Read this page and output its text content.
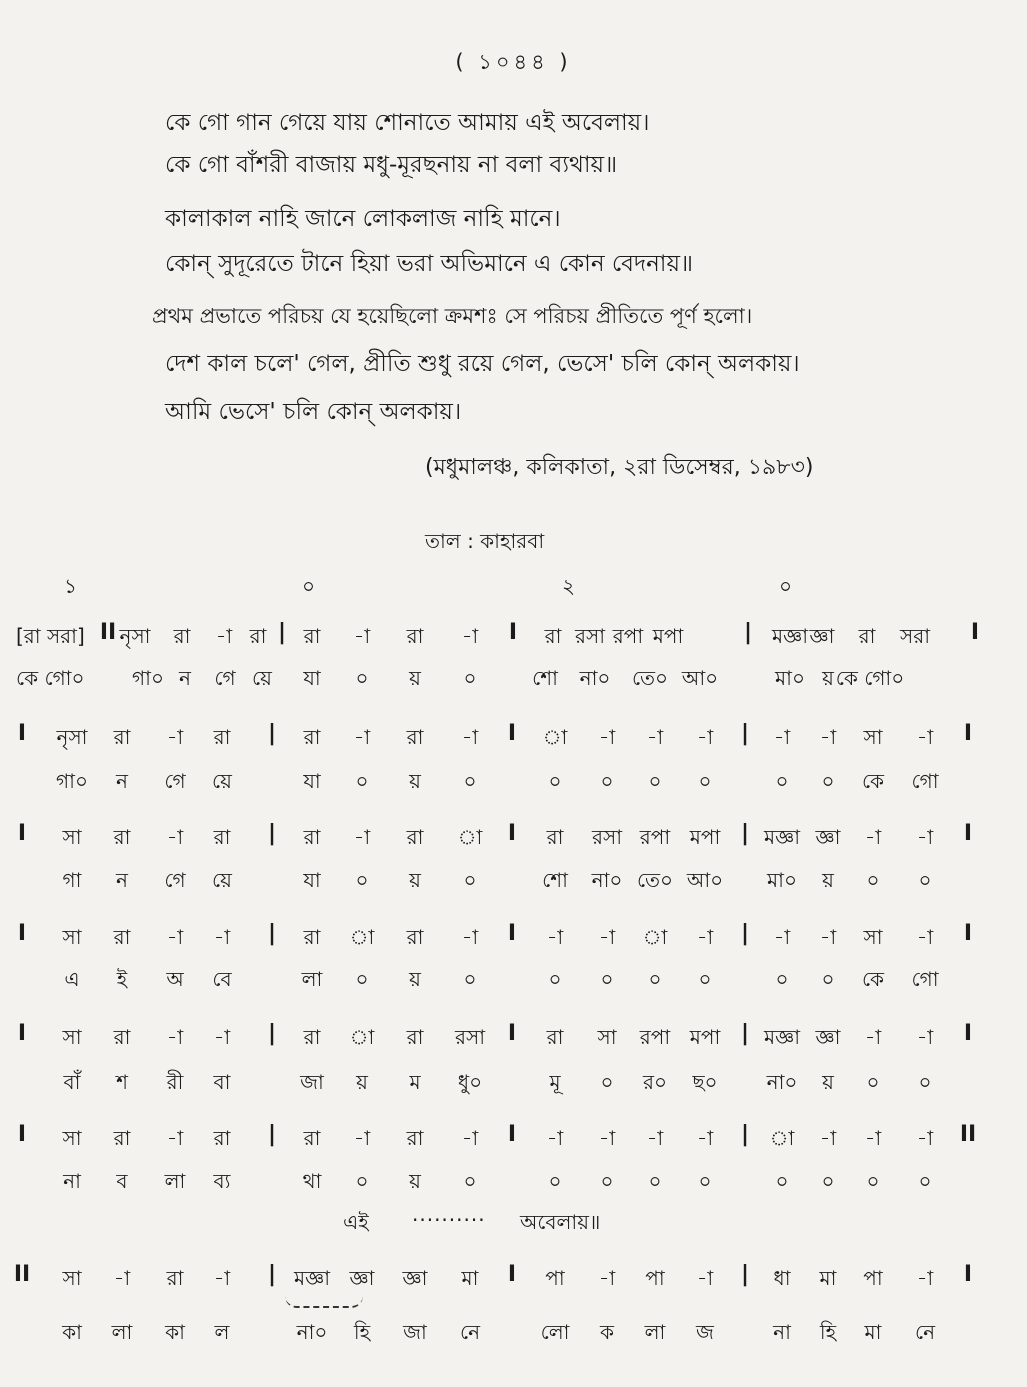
( ১০৪৪ )
কে গো গান গেয়ে যায় শোনাতে আমায় এই অবেলায়।
কে গো বাঁশরী বাজায় মধু-মূরছনায় না বলা ব্যথায়॥
কালাকাল নাহি জানে লোকলাজ নাহি মানে।
কোন্‌ সুদূরেতে টানে হিয়া ভরা অভিমানে এ কোন বেদনায়॥
প্রথম প্রভাতে পরিচয় যে হয়েছিলো ক্রমশঃ সে পরিচয় প্রীতিতে পূর্ণ হলো।
দেশ কাল চলে' গেল, প্রীতি শুধু রয়ে গেল, ভেসে' চলি কোন্‌ অলকায়।
আমি ভেসে' চলি কোন্‌ অলকায়।
(মধুমালঞ্চ, কলিকাতা, ২রা ডিসেম্বর, ১৯৮৩)
তাল : কাহারবা
১	০	২	০
[রা সরা] II নৃসা রা -া রা | রা -া রা -া I রা রসা রপা মপা	| মজ্ঞা জ্ঞা রা সরা I
কে গো০ গা০ ন গে য়ে যা ০ য় ০	শো না০ তে০ আ০	মা০ য় কে গো০
I নৃসা রা -া রা | রা -া রা -া I া -া -া -া | -া -া সা -া I
গা০ ন গে য়ে	যা ০ য় ০	০ ০ ০ ০	০ ০ কে গো
I সা রা -া রা | রা -া রা া I রা রসা রপা মপা | মজ্ঞা জ্ঞা -া -া I
গা ন গে য়ে	যা ০ য় ০	শো না০ তে০ আ০ মা০ য় ০ ০
I সা রা -া -া | রা া রা -া I -া -া া -া | -া -া সা -া I
এ ই অ বে	লা ০ য় ০	০ ০ ০ ০	০ ০ কে গো
I সা রা -া -া | রা া রা রসা I রা সা রপা মপা | মজ্ঞা জ্ঞা -া -া I
বাঁ শ রী বা	জা য় ম ধু০	মূ ০ র০ ছ০ না০ য় ০ ০
I সা রা -া রা | রা -া রা -া I -া -া -া -া | া -া -া -া II
না ব লা ব্য	থা ০ য় ০	০ ০ ০ ০	০ ০ ০ ০
II সা -া রা -া | মজ্ঞা জ্ঞা জ্ঞা মা I পা -া পা -া | ধা মা পা -া I
কা লা কা ল	না০ হি জা নে	লো ক লা জ	না হি মা নে
এই ·········· অবেলায়॥
